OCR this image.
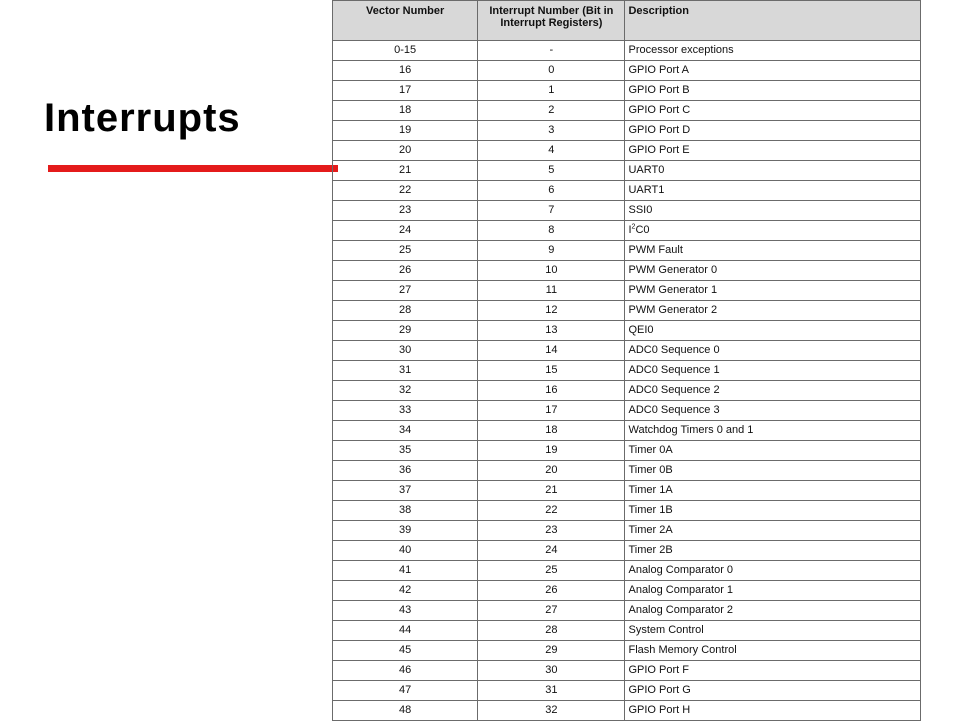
Interrupts
Vector Number	Interrupt Number (Bit in Interrupt Registers)	Description
0-15	-	Processor exceptions
16	0	GPIO Port A
17	1	GPIO Port B
18	2	GPIO Port C
19	3	GPIO Port D
20	4	GPIO Port E
21	5	UART0
22	6	UART1
23	7	SSI0
24	8	$I^2C0$
25	9	PWM Fault
26	10	PWM Generator 0
27	11	PWM Generator 1
28	12	PWM Generator 2
29	13	QEI0
30	14	ADC0 Sequence 0
31	15	ADC0 Sequence 1
32	16	ADC0 Sequence 2
33	17	ADC0 Sequence 3
34	18	Watchdog Timers 0 and 1
35	19	Timer 0A
36	20	Timer 0B
37	21	Timer 1A
38	22	Timer 1B
39	23	Timer 2A
40	24	Timer 2B
41	25	Analog Comparator 0
42	26	Analog Comparator 1
43	27	Analog Comparator 2
44	28	System Control
45	29	Flash Memory Control
46	30	GPIO Port F
47	31	GPIO Port G
48	32	GPIO Port H
